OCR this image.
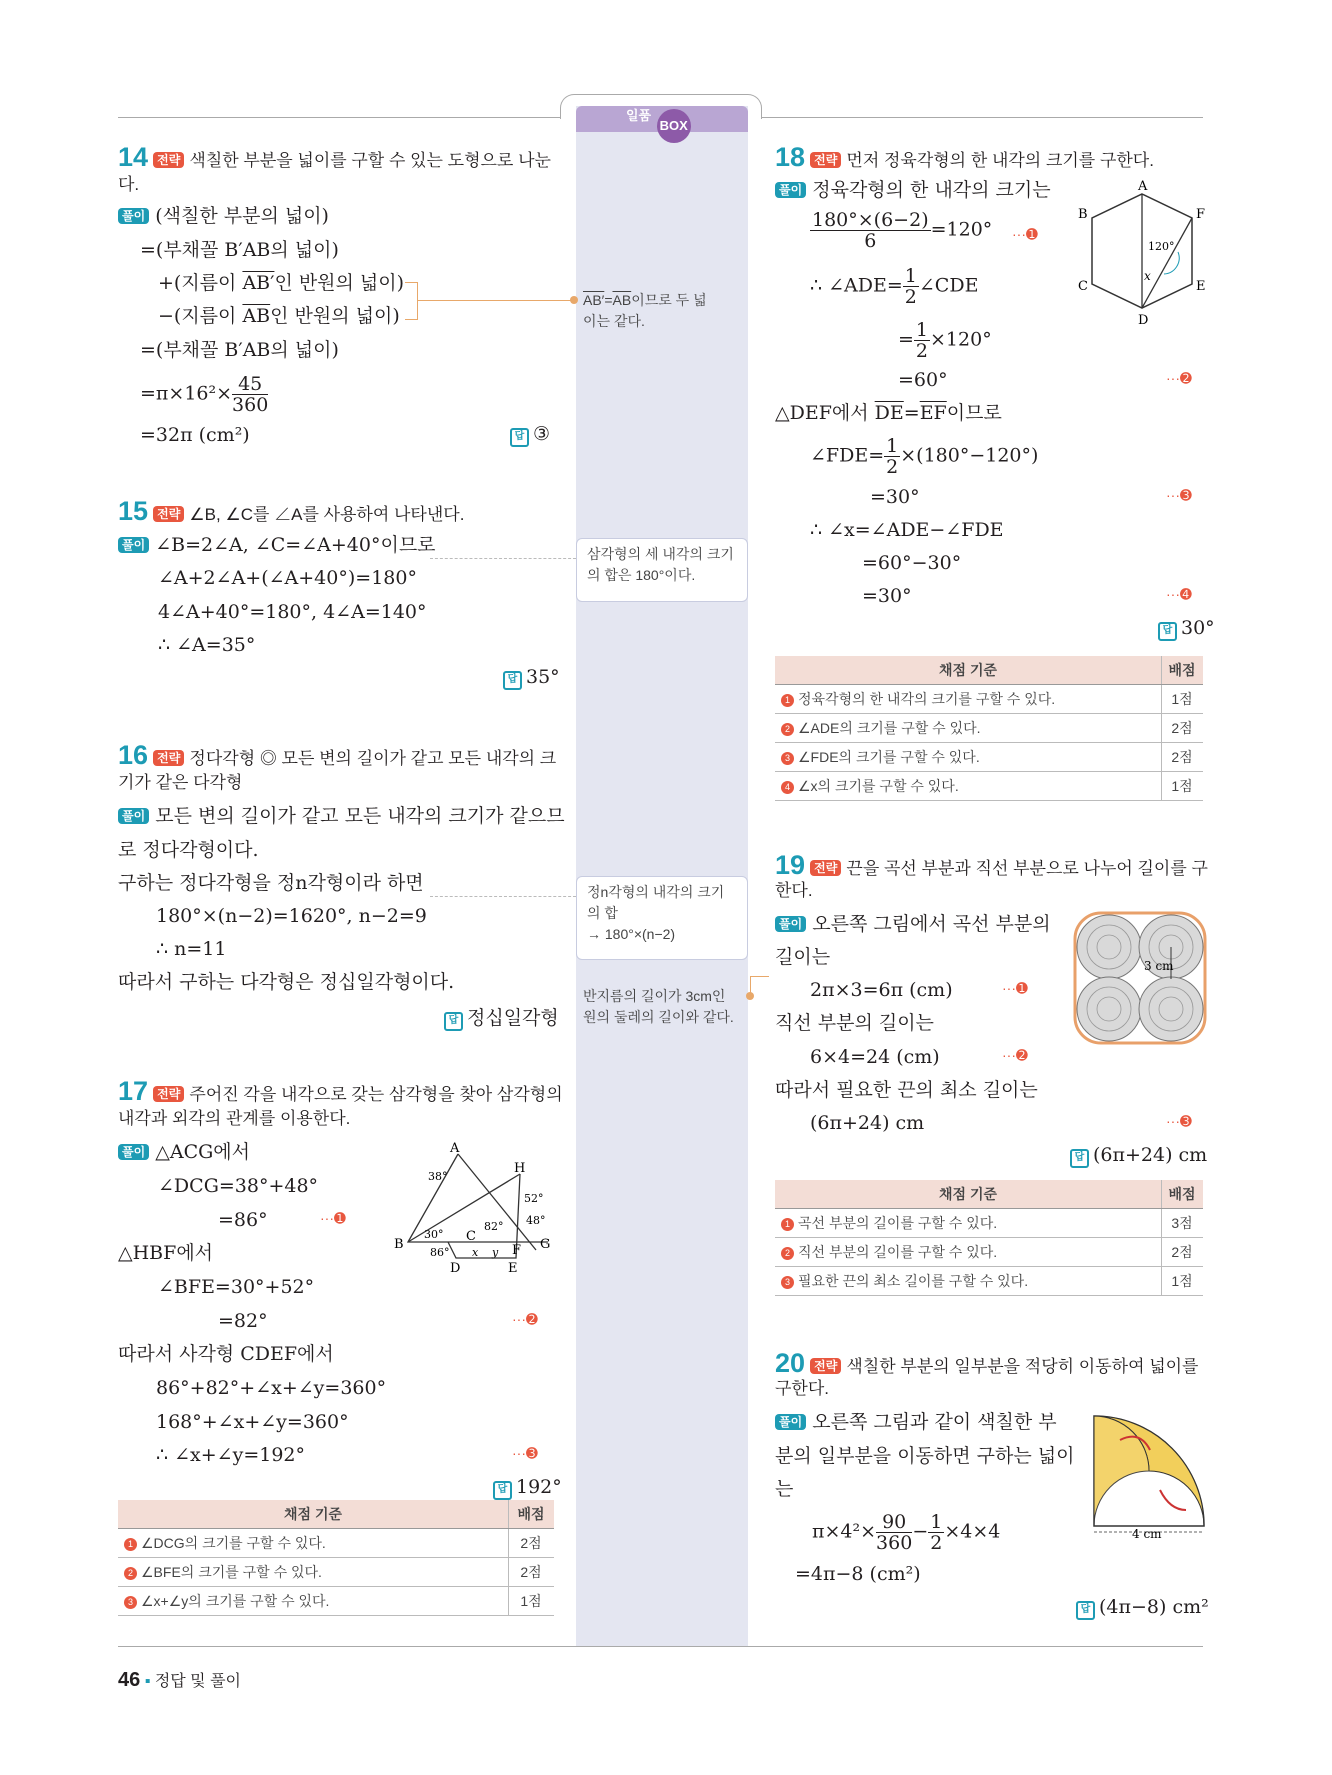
일품 BOX
14 전략 색칠한 부분을 넓이를 구할 수 있는 도형으로 나눈
다.
풀이 (색칠한 부분의 넓이)
=(부채꼴 B′AB의 넓이)
+(지름이 AB′인 반원의 넓이)
−(지름이 $\overline{AB}$인 반원의 넓이)
=(부채꼴 B′AB의 넓이)
$=\pi\times 16^2\times \frac{45}{360}$
=32π (cm²)	답 ③
15 전략 ∠B, ∠C를 ∠A를 사용하여 나타낸다.
풀이 ∠B=2∠A, ∠C=∠A+40°이므로
∠A+2∠A+(∠A+40°)=180°
4∠A+40°=180°, 4∠A=140°
∴ ∠A=35°
답 35°
16 전략 정다각형 ◎ 모든 변의 길이가 같고 모든 내각의 크
기가 같은 다각형
풀이 모든 변의 길이가 같고 모든 내각의 크기가 같으므
로 정다각형이다.
구하는 정다각형을 정n각형이라 하면
180°×(n−2)=1620°, n−2=9
∴ n=11
따라서 구하는 다각형은 정십일각형이다.
답 정십일각형
17 전략 주어진 각을 내각으로 갖는 삼각형을 찾아 삼각형의
내각과 외각의 관계를 이용한다.
풀이 △ACG에서
∠DCG=38°+48°
=86°	···➊
△HBF에서
∠BFE=30°+52°
=82°	···➋
따라서 사각형 CDEF에서
86°+82°+∠x+∠y=360°
168°+∠x+∠y=360°
∴ ∠x+∠y=192°	···➌
답 192°
A
H
B
C
G
F
D	E
38°
52°
48°
30°
82°
86° x y
채점 기준	배점
1 ∠DCG의 크기를 구할 수 있다.	2점
2 ∠BFE의 크기를 구할 수 있다.	2점
3 ∠x+∠y의 크기를 구할 수 있다.	1점
$AB'=\overline{AB}$이므로 두 넓
이는 같다.
삼각형의 세 내각의 크기의 합은 180°이다.
정n각형의 내각의 크기
의 합
→ 180°×(n−2)
반지름의 길이가 3cm인
원의 둘레의 길이와 같다.
18 전략 먼저 정육각형의 한 내각의 크기를 구한다.
풀이 정육각형의 한 내각의 크기는
$\frac{180^\circ\times(6-2)}{6} =120^\circ$ ···➊
∴ ∠ADE= $\frac{1}{2}$ ∠CDE
= $\frac{1}{2} \times 120^\circ$
=60°	···➋
△DEF에서 $\overline{DE}=\overline{EF}$이므로
∠FDE= $\frac{1}{2} \times(180^\circ-120^\circ)$
=30°	···➌
∴ ∠x=∠ADE−∠FDE
=60°−30°
=30°	···➍
답 30°
A
B
C
D
E
F
120°
x
채점 기준	배점
1 정육각형의 한 내각의 크기를 구할 수 있다.	1점
2 ∠ADE의 크기를 구할 수 있다.	2점
3 ∠FDE의 크기를 구할 수 있다.	2점
4 ∠x의 크기를 구할 수 있다.	1점
19 전략 끈을 곡선 부분과 직선 부분으로 나누어 길이를 구
한다.
풀이 오른쪽 그림에서 곡선 부분의
길이는
2π×3=6π (cm)	···➊
직선 부분의 길이는
6×4=24 (cm)	···➋
따라서 필요한 끈의 최소 길이는
(6π+24) cm	···➌
답 (6π+24) cm
3 cm
채점 기준	배점
1 곡선 부분의 길이를 구할 수 있다.	3점
2 직선 부분의 길이를 구할 수 있다.	2점
3 필요한 끈의 최소 길이를 구할 수 있다.	1점
20 전략 색칠한 부분의 일부분을 적당히 이동하여 넓이를
구한다.
풀이 오른쪽 그림과 같이 색칠한 부
분의 일부분을 이동하면 구하는 넓이
는
$\pi\times 4^2\times \frac{90}{360} - \frac{1}{2} \times 4\times 4$
=4π−8 (cm²)
답 (4π−8) cm²
4 cm
46 ▪ 정답 및 풀이
